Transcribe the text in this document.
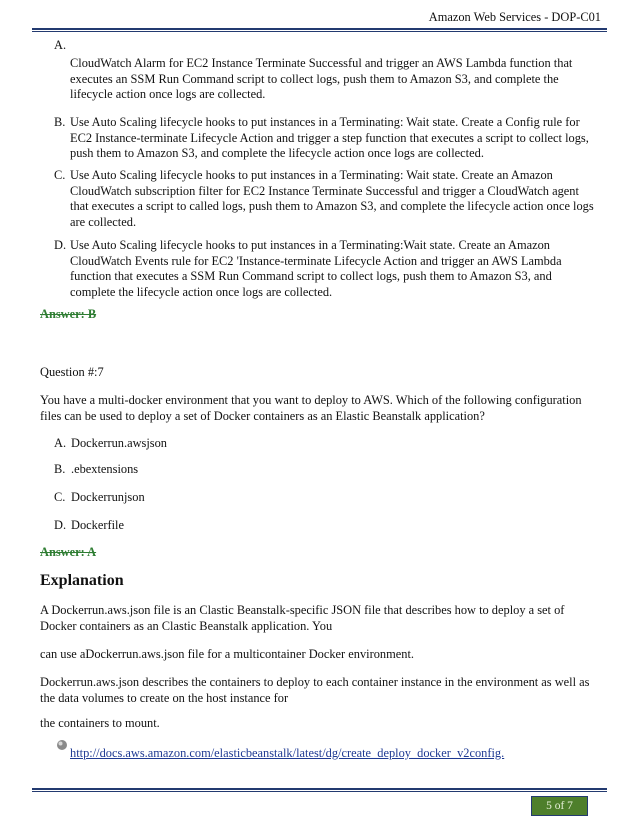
Amazon Web Services - DOP-C01
A.
CloudWatch Alarm for EC2 Instance Terminate Successful and trigger an AWS Lambda function that executes an SSM Run Command script to collect logs, push them to Amazon S3, and complete the lifecycle action once logs are collected.
B. Use Auto Scaling lifecycle hooks to put instances in a Terminating: Wait state. Create a Config rule for EC2 Instance-terminate Lifecycle Action and trigger a step function that executes a script to collect logs, push them to Amazon S3, and complete the lifecycle action once logs are collected.
C. Use Auto Scaling lifecycle hooks to put instances in a Terminating: Wait state. Create an Amazon CloudWatch subscription filter for EC2 Instance Terminate Successful and trigger a CloudWatch agent that executes a script to called logs, push them to Amazon S3, and complete the lifecycle action once logs are collected.
D. Use Auto Scaling lifecycle hooks to put instances in a Terminating:Wait state. Create an Amazon CloudWatch Events rule for EC2 'Instance-terminate Lifecycle Action and trigger an AWS Lambda function that executes a SSM Run Command script to collect logs, push them to Amazon S3, and complete the lifecycle action once logs are collected.
Answer: B
Question #:7
You have a multi-docker environment that you want to deploy to AWS. Which of the following configuration files can be used to deploy a set of Docker containers as an Elastic Beanstalk application?
A. Dockerrun.awsjson
B. .ebextensions
C. Dockerrunjson
D. Dockerfile
Answer: A
Explanation
A Dockerrun.aws.json file is an Clastic Beanstalk-specific JSON file that describes how to deploy a set of Docker containers as an Clastic Beanstalk application. You
can use aDockerrun.aws.json file for a multicontainer Docker environment.
Dockerrun.aws.json describes the containers to deploy to each container instance in the environment as well as the data volumes to create on the host instance for
the containers to mount.
http://docs.aws.amazon.com/elasticbeanstalk/latest/dg/create_deploy_docker_v2config.
5 of 7
